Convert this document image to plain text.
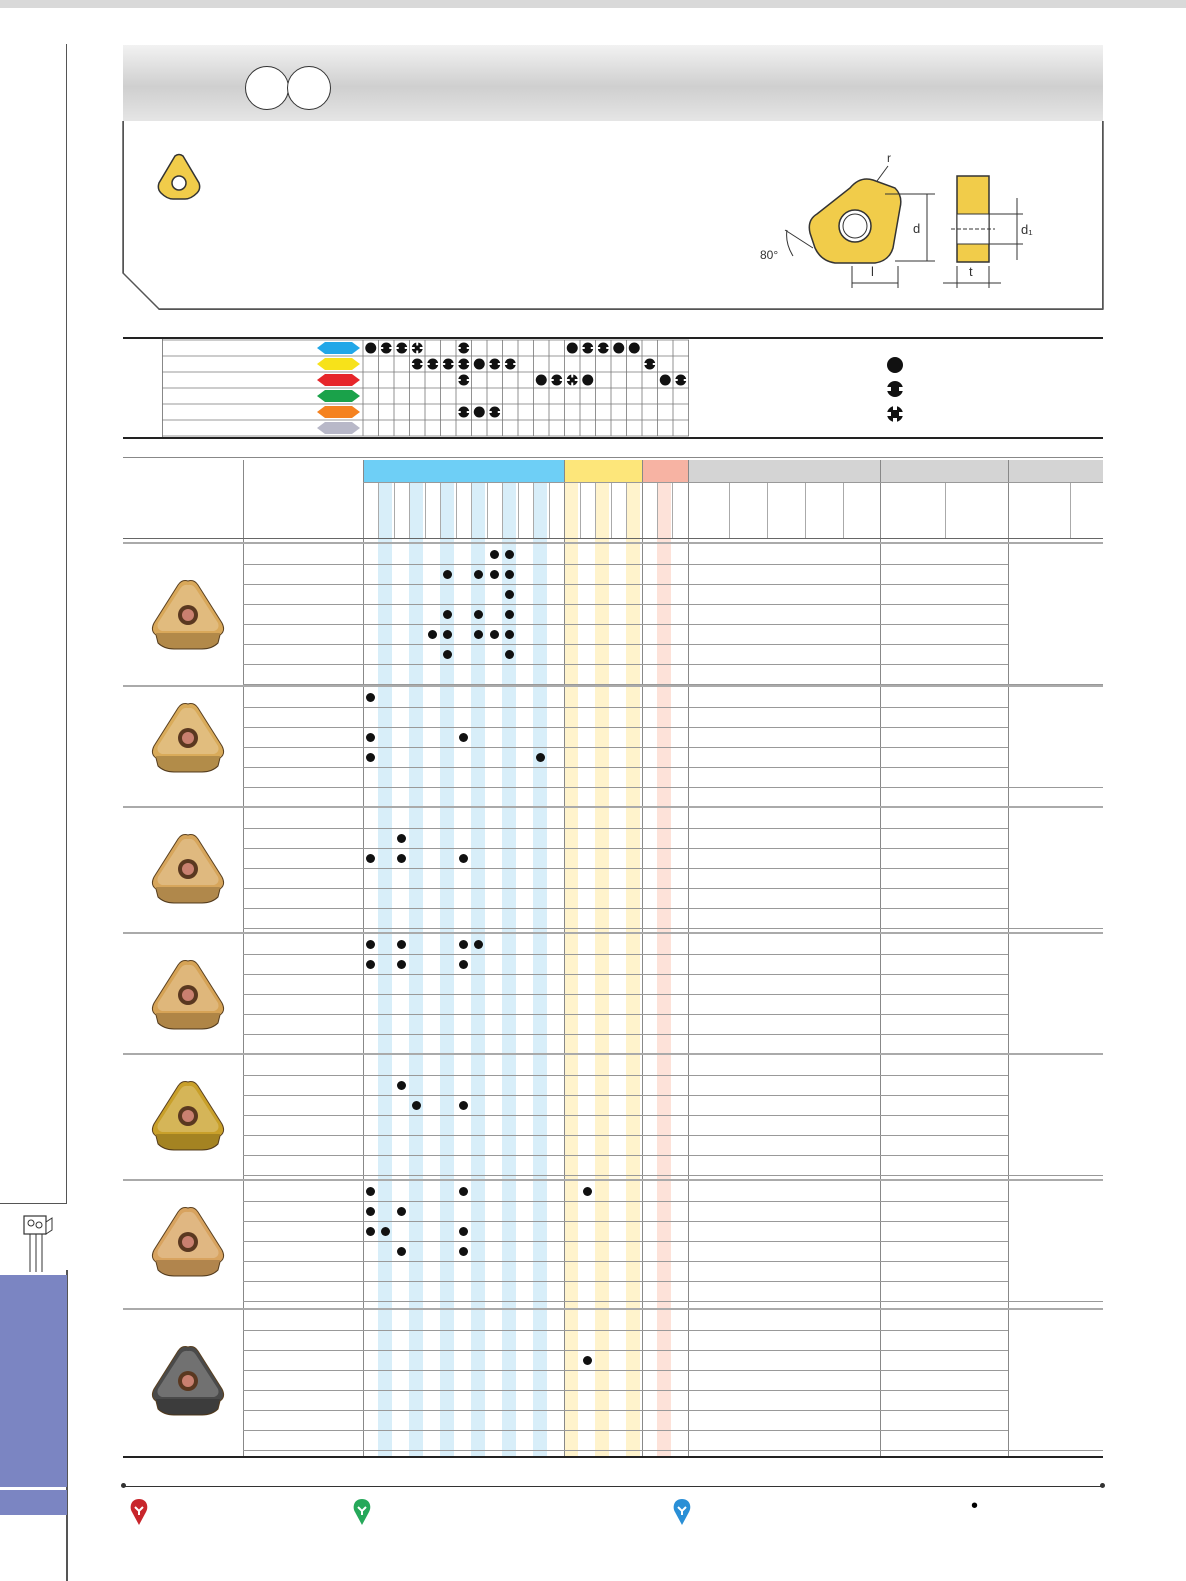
r
d
l
80°
d₁
t
•
